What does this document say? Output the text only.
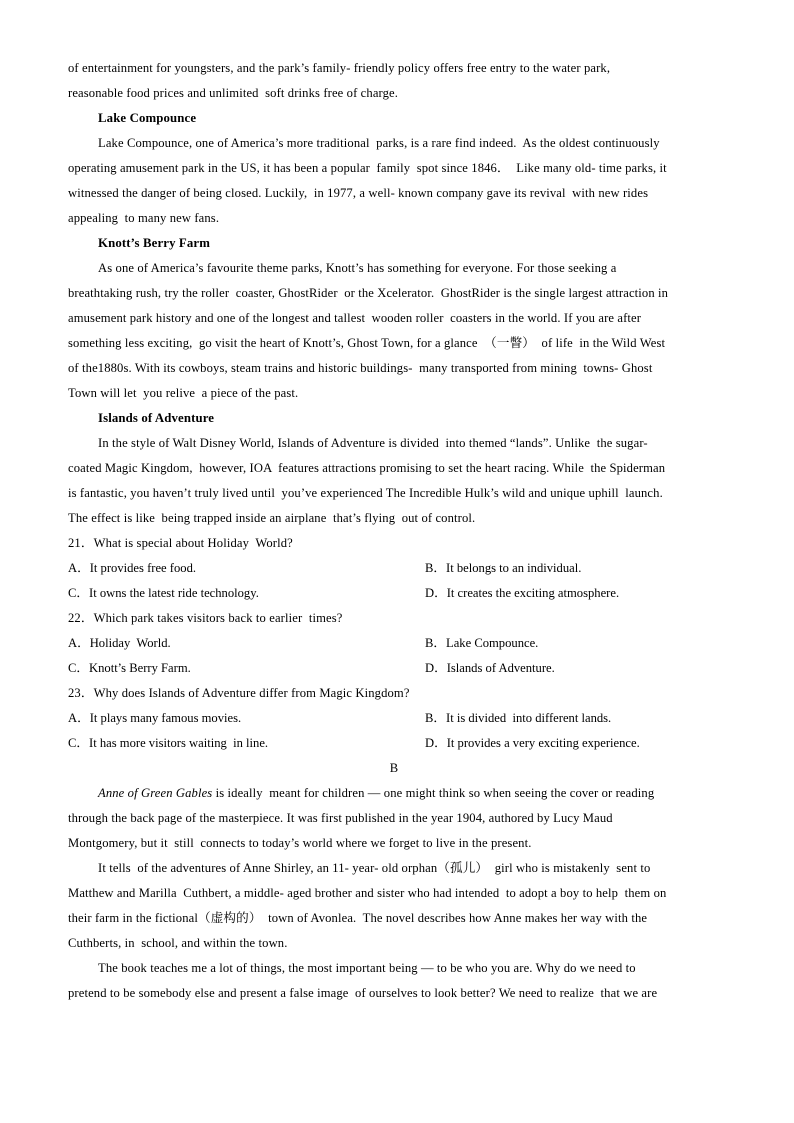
of entertainment for youngsters, and the park’s family- friendly policy offers free entry to the water park,
reasonable food prices and unlimited  soft drinks free of charge.
Lake Compounce
Lake Compounce, one of America’s more traditional  parks, is a rare find indeed.  As the oldest continuously
operating amusement park in the US, it has been a popular  family  spot since 1846．  Like many old- time parks, it
witnessed the danger of being closed. Luckily,  in 1977, a well- known company gave its revival  with new rides
appealing  to many new fans.
Knott’s Berry Farm
As one of America’s favourite theme parks, Knott’s has something for everyone. For those seeking a
breathtaking rush, try the roller  coaster, GhostRider  or the Xcelerator.  GhostRider is the single largest attraction in
amusement park history and one of the longest and tallest  wooden roller  coasters in the world. If you are after
something less exciting,  go visit the heart of Knott’s, Ghost Town, for a glance  （一瞥）  of life  in the Wild West
of the1880s. With its cowboys, steam trains and historic buildings-  many transported from mining  towns- Ghost
Town will let  you relive  a piece of the past.
Islands of Adventure
In the style of Walt Disney World, Islands of Adventure is divided  into themed “lands”. Unlike  the sugar-
coated Magic Kingdom,  however, IOA  features attractions promising to set the heart racing. While  the Spiderman
is fantastic, you haven’t truly lived until  you’ve experienced The Incredible Hulk’s wild and unique uphill  launch.
The effect is like  being trapped inside an airplane  that’s flying  out of control.
21．What is special about Holiday  World?
A．It provides free food.	B．It belongs to an individual.
C．It owns the latest ride technology.	D．It creates the exciting atmosphere.
22．Which park takes visitors back to earlier  times?
A．Holiday  World.	B．Lake Compounce.
C．Knott’s Berry Farm.	D．Islands of Adventure.
23．Why does Islands of Adventure differ from Magic Kingdom?
A．It plays many famous movies.	B．It is divided  into different lands.
C．It has more visitors waiting  in line.	D．It provides a very exciting experience.
B
Anne of Green Gables is ideally  meant for children — one might think so when seeing the cover or reading
through the back page of the masterpiece. It was first published in the year 1904, authored by Lucy Maud
Montgomery, but it  still  connects to today’s world where we forget to live in the present.
It tells  of the adventures of Anne Shirley, an 11- year- old orphan（孤儿）  girl who is mistakenly  sent to
Matthew and Marilla  Cuthbert, a middle- aged brother and sister who had intended  to adopt a boy to help  them on
their farm in the fictional（虚构的）  town of Avonlea.  The novel describes how Anne makes her way with the
Cuthberts, in  school, and within the town.
The book teaches me a lot of things, the most important being — to be who you are. Why do we need to
pretend to be somebody else and present a false image  of ourselves to look better? We need to realize  that we are
